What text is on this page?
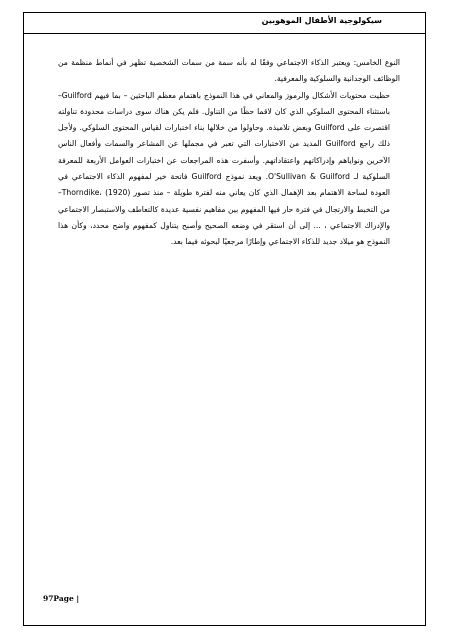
سيكولوجية الأطفال الموهوبين

النوع الخامس: ويعتبر الذكاء الاجتماعي وفقًا له بأنه سمة من سمات الشخصية تظهر في أنماط منظمة من الوظائف الوجدانية والسلوكية والمعرفية.

حظيت محتويات الأشكال والرموز والمعاني في هذا النموذج باهتمام معظم الباحثين – بما فيهم Guilford– باستثناء المحتوى السلوكي الذي كان لاقما حظًا من التناول. فلم يكن هناك سوى دراسات محدودة تناولته اقتصرت على Guilford وبعض تلاميذه. وحاولوا من خلالها بناء اختبارات لقياس المحتوى السلوكي. ولأجل ذلك راجع Guilford المديد من الاختبارات التي تعبر في مجملها عن المشاعر والسمات وأفعال الناس الآخرين ونواياهم وإدراكاتهم واعتقاداتهم. وأسفرت هذه المراجعات عن اختبارات العوامل الأربعة للمعرفة السلوكية لـ O'Sullivan & Guilford. ويعد نموذج Guilford فاتحة خير لمفهوم الذكاء الاجتماعي في العودة لساحة الاهتمام بعد الإهمال الذي كان يعاني منه لفترة طويلة – منذ تصور Thorndike، (1920)– من التخبط والارتجال في فترة حار فيها المفهوم بين مفاهيم نفسية عديدة كالتعاطف والاستبصار الاجتماعي والإدراك الاجتماعي ، ... إلى أن استقر في وضعه الصحيح وأصبح يتناول كمفهوم واضح محدد، وكأن هذا النموذج هو ميلاد جديد للذكاء الاجتماعي وإطارًا مرجعيًا لبحوثه فيما بعد.

97Page |
